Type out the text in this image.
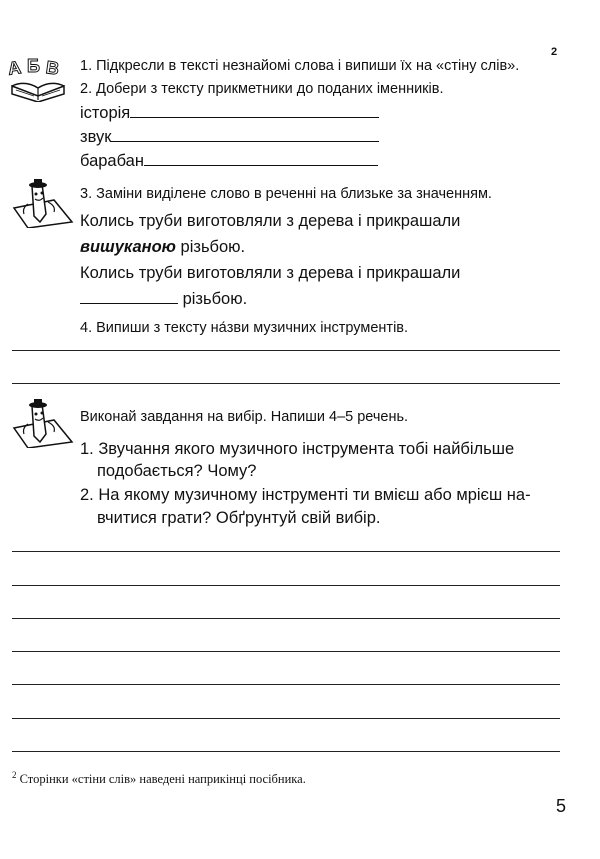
2
А Б В 1. Підкресли в тексті незнайомі слова і випиши їх на «стіну слів».
2. Добери з тексту прикметники до поданих іменників.
історія
звук
барабан
3. Заміни виділене слово в реченні на близьке за значенням.
Колись труби виготовляли з дерева і прикрашали
вишуканою різьбою.
Колись труби виготовляли з дерева і прикрашали
різьбою.
4. Випиши з тексту на́зви музичних інструментів.
Виконай завдання на вибір. Напиши 4–5 речень.
1. Звучання якого музичного інструмента тобі найбільше
подобається? Чому?
2. На якому музичному інструменті ти вмієш або мрієш на-
вчитися грати? Обґрунтуй свій вибір.
$^2$ Сторінки «стіни слів» наведені наприкінці посібника.
5
